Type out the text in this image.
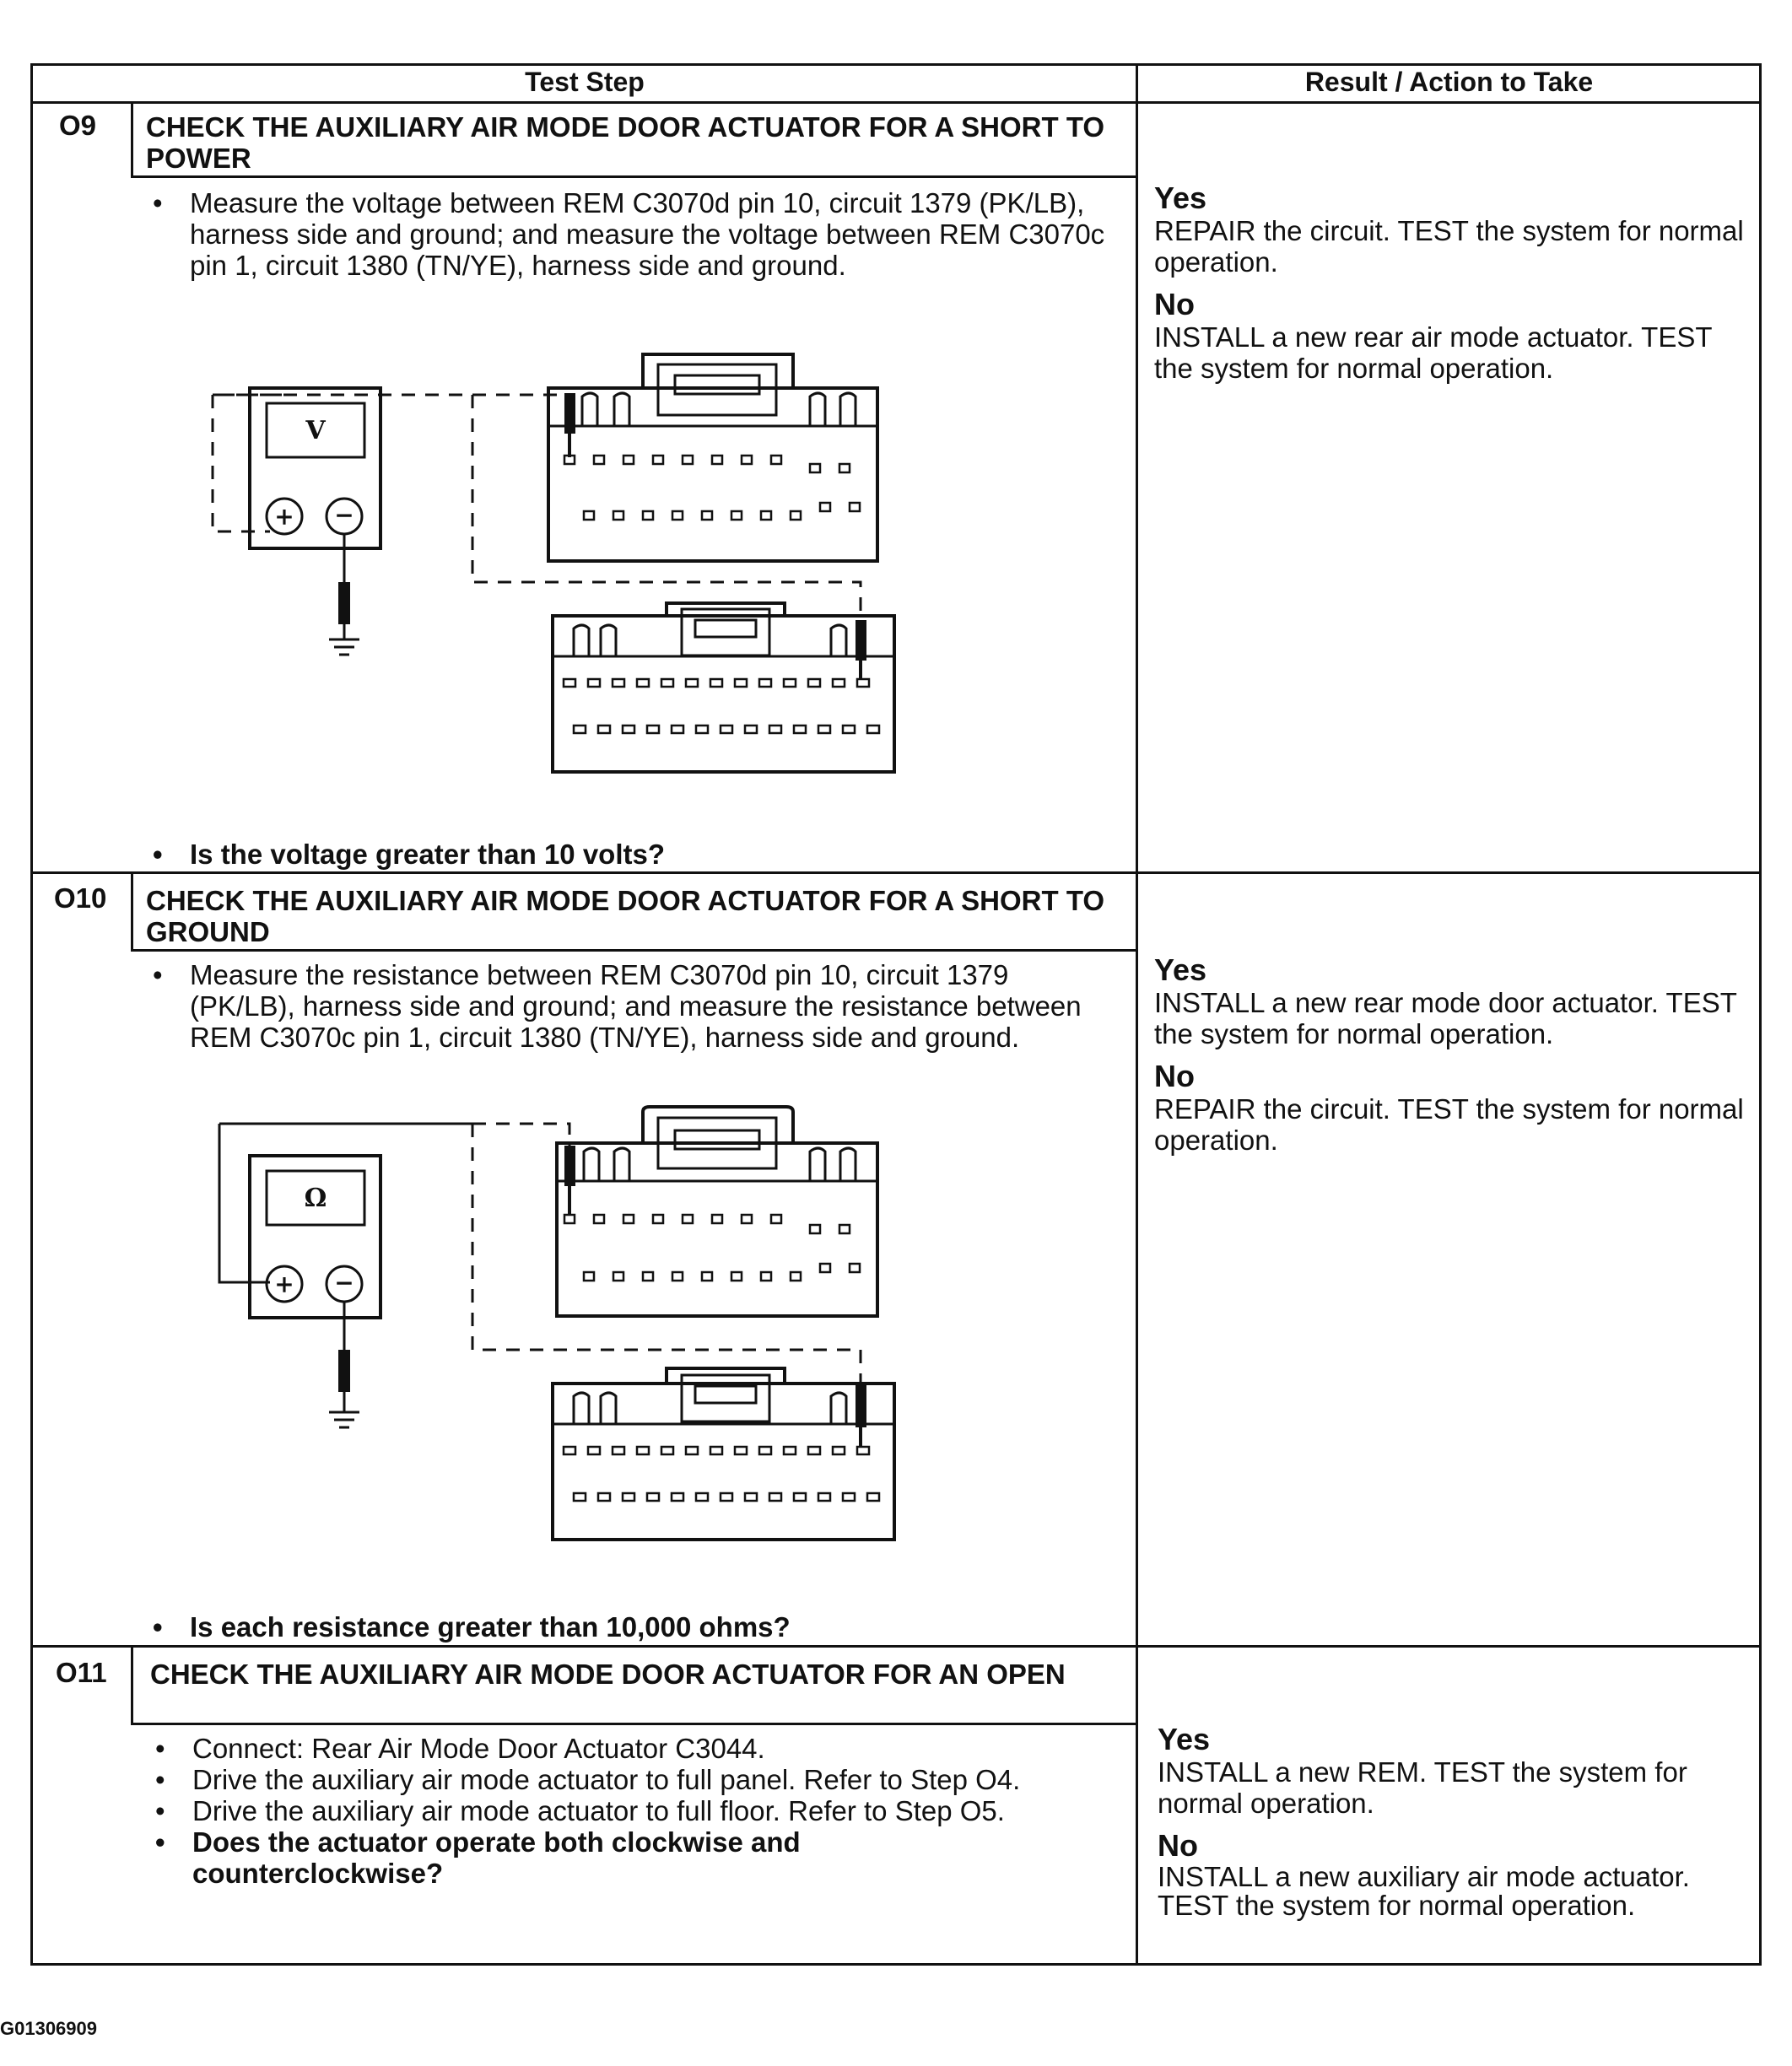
Test Step	Result / Action to Take
O9 CHECK THE AUXILIARY AIR MODE DOOR ACTUATOR FOR A SHORT TO POWER
• Measure the voltage between REM C3070d pin 10, circuit 1379 (PK/LB), harness side and ground; and measure the voltage between REM C3070c pin 1, circuit 1380 (TN/YE), harness side and ground.
• Is the voltage greater than 10 volts?
V
+ −
Yes
REPAIR the circuit. TEST the system for normal operation.
No
INSTALL a new rear air mode actuator. TEST the system for normal operation.
O10 CHECK THE AUXILIARY AIR MODE DOOR ACTUATOR FOR A SHORT TO GROUND
• Measure the resistance between REM C3070d pin 10, circuit 1379 (PK/LB), harness side and ground; and measure the resistance between REM C3070c pin 1, circuit 1380 (TN/YE), harness side and ground.
• Is each resistance greater than 10,000 ohms?
Ω
+ −
Yes
INSTALL a new rear mode door actuator. TEST the system for normal operation.
No
REPAIR the circuit. TEST the system for normal operation.
O11 CHECK THE AUXILIARY AIR MODE DOOR ACTUATOR FOR AN OPEN
• Connect: Rear Air Mode Door Actuator C3044.
• Drive the auxiliary air mode actuator to full panel. Refer to Step O4.
• Drive the auxiliary air mode actuator to full floor. Refer to Step O5.
• Does the actuator operate both clockwise and counterclockwise?
Yes
INSTALL a new REM. TEST the system for normal operation.
No
INSTALL a new auxiliary air mode actuator. TEST the system for normal operation.
G01306909
